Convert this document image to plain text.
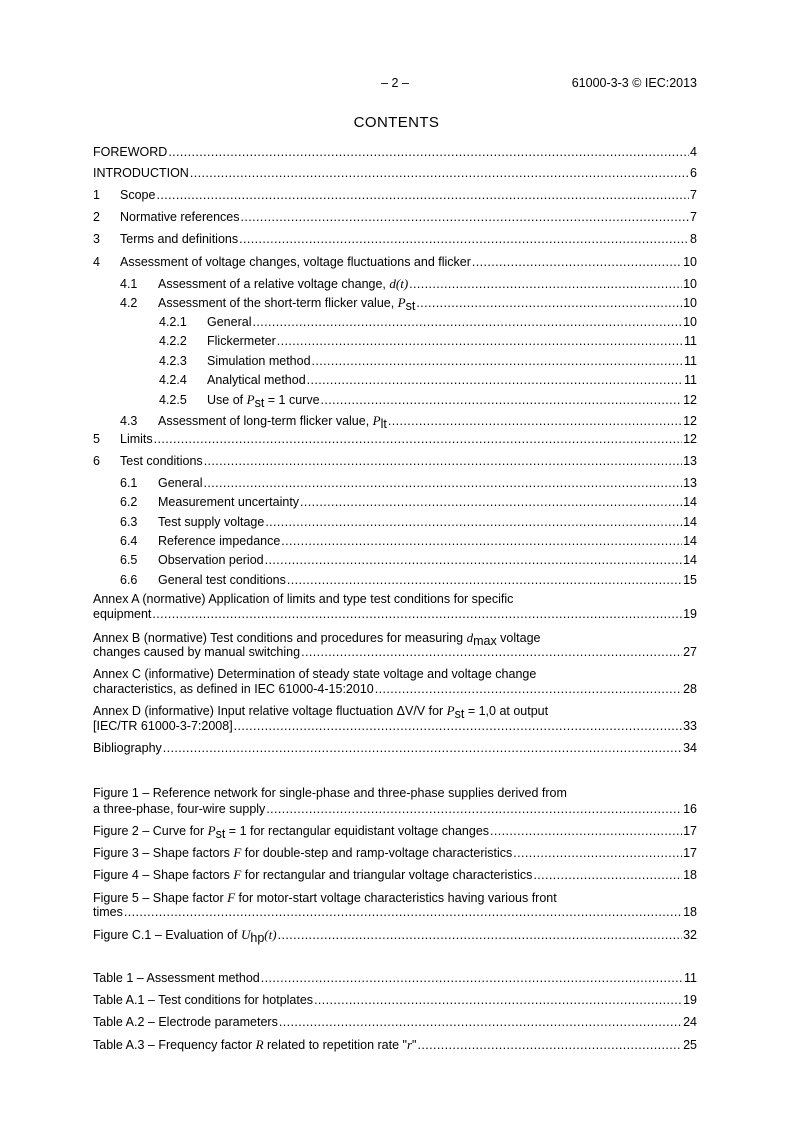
– 2 –	61000-3-3 © IEC:2013
CONTENTS
FOREWORD .....	4
INTRODUCTION .....	6
1	Scope .....	7
2	Normative references .....	7
3	Terms and definitions .....	8
4	Assessment of voltage changes, voltage fluctuations and flicker .....	10
4.1	Assessment of a relative voltage change, d(t) .....	10
4.2	Assessment of the short-term flicker value, $P_{st}$ .....	10
4.2.1	General .....	10
4.2.2	Flickermeter .....	11
4.2.3	Simulation method .....	11
4.2.4	Analytical method .....	11
4.2.5	Use of $P_{st} = 1$ curve .....	12
4.3	Assessment of long-term flicker value, $P_{lt}$ .....	12
5	Limits .....	12
6	Test conditions .....	13
6.1	General .....	13
6.2	Measurement uncertainty .....	14
6.3	Test supply voltage .....	14
6.4	Reference impedance .....	14
6.5	Observation period .....	14
6.6	General test conditions .....	15
Annex A (normative) Application of limits and type test conditions for specific
equipment .....	19
Annex B (normative) Test conditions and procedures for measuring $d_{max}$ voltage
changes caused by manual switching .....	27
Annex C (informative) Determination of steady state voltage and voltage change
characteristics, as defined in IEC 61000-4-15:2010 .....	28
Annex D (informative) Input relative voltage fluctuation ΔV/V for $P_{st} = 1,0$ at output
[IEC/TR 61000-3-7:2008] .....	33
Bibliography .....	34
Figure 1 – Reference network for single-phase and three-phase supplies derived from
a three-phase, four-wire supply .....	16
Figure 2 – Curve for $P_{st} = 1$ for rectangular equidistant voltage changes .....	17
Figure 3 – Shape factors F for double-step and ramp-voltage characteristics .....	17
Figure 4 – Shape factors F for rectangular and triangular voltage characteristics .....	18
Figure 5 – Shape factor F for motor-start voltage characteristics having various front
times .....	18
Figure C.1 – Evaluation of $U_{hp}(t)$ .....	32
Table 1 – Assessment method .....	11
Table A.1 – Test conditions for hotplates .....	19
Table A.2 – Electrode parameters .....	24
Table A.3 – Frequency factor R related to repetition rate "r" .....	25
